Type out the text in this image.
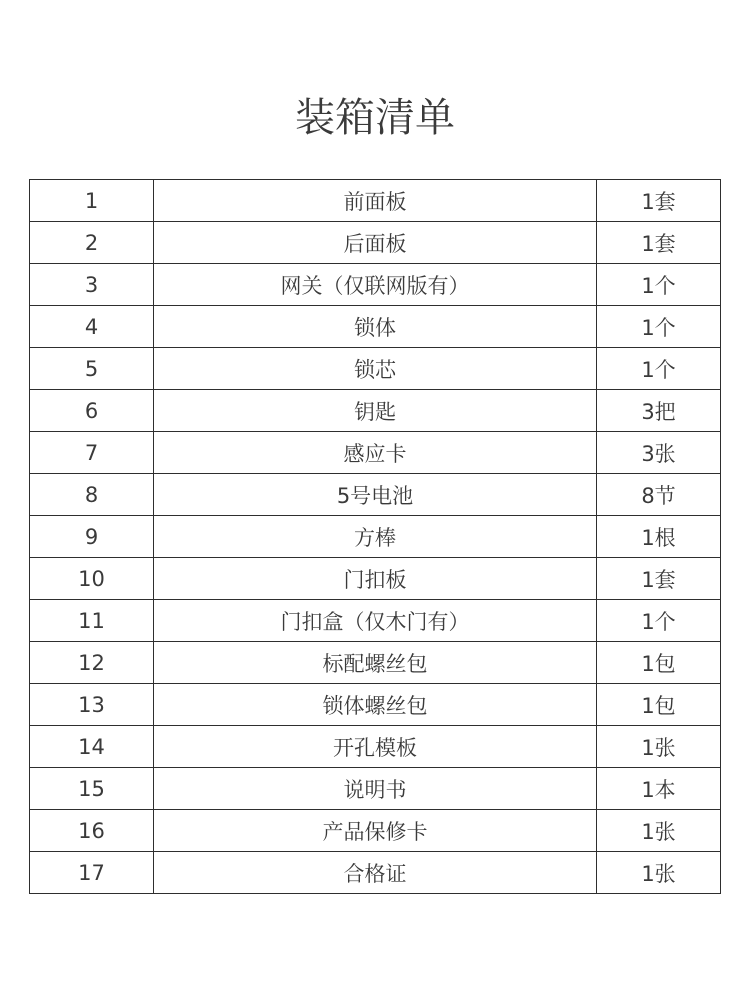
装箱清单
1	前面板	1套
2	后面板	1套
3	网关（仅联网版有）	1个
4	锁体	1个
5	锁芯	1个
6	钥匙	3把
7	感应卡	3张
8	5号电池	8节
9	方棒	1根
10	门扣板	1套
11	门扣盒（仅木门有）	1个
12	标配螺丝包	1包
13	锁体螺丝包	1包
14	开孔模板	1张
15	说明书	1本
16	产品保修卡	1张
17	合格证	1张
